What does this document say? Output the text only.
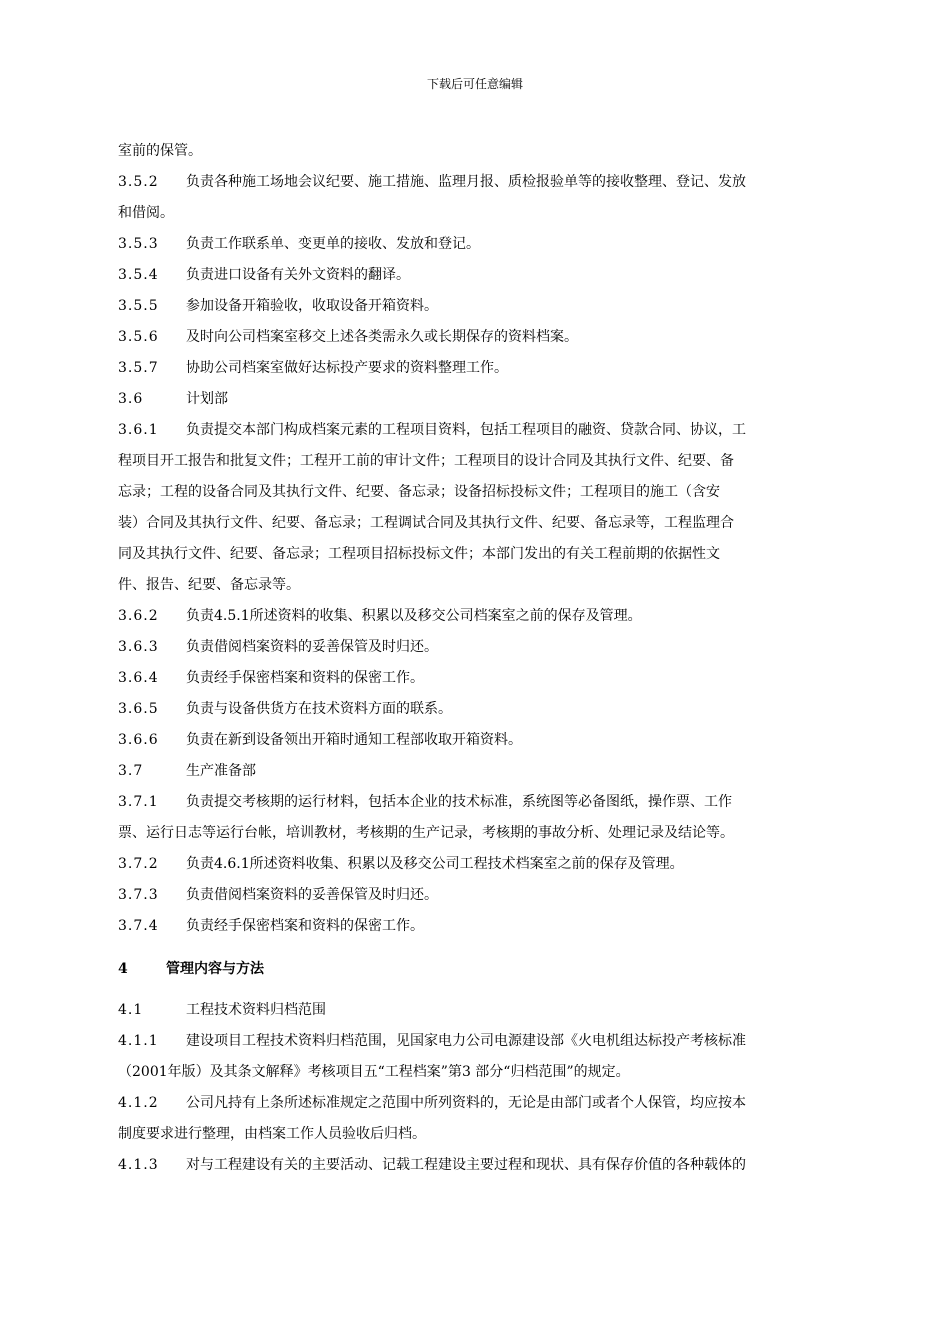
下载后可任意编辑

室前的保管。

3.5.2 负责各种施工场地会议纪要、施工措施、监理月报、质检报验单等的接收整理、登记、发放

和借阅。

3.5.3 负责工作联系单、变更单的接收、发放和登记。

3.5.4 负责进口设备有关外文资料的翻译。

3.5.5 参加设备开箱验收，收取设备开箱资料。

3.5.6 及时向公司档案室移交上述各类需永久或长期保存的资料档案。

3.5.7 协助公司档案室做好达标投产要求的资料整理工作。

3.6	计划部

3.6.1 负责提交本部门构成档案元素的工程项目资料，包括工程项目的融资、贷款合同、协议，工

程项目开工报告和批复文件；工程开工前的审计文件；工程项目的设计合同及其执行文件、纪要、备

忘录；工程的设备合同及其执行文件、纪要、备忘录；设备招标投标文件；工程项目的施工（含安

装）合同及其执行文件、纪要、备忘录；工程调试合同及其执行文件、纪要、备忘录等，工程监理合

同及其执行文件、纪要、备忘录；工程项目招标投标文件；本部门发出的有关工程前期的依据性文

件、报告、纪要、备忘录等。

3.6.2 负责4.5.1所述资料的收集、积累以及移交公司档案室之前的保存及管理。

3.6.3 负责借阅档案资料的妥善保管及时归还。

3.6.4 负责经手保密档案和资料的保密工作。

3.6.5 负责与设备供货方在技术资料方面的联系。

3.6.6 负责在新到设备领出开箱时通知工程部收取开箱资料。

3.7	生产准备部

3.7.1 负责提交考核期的运行材料，包括本企业的技术标准，系统图等必备图纸，操作票、工作

票、运行日志等运行台帐，培训教材，考核期的生产记录，考核期的事故分析、处理记录及结论等。

3.7.2 负责4.6.1所述资料收集、积累以及移交公司工程技术档案室之前的保存及管理。

3.7.3 负责借阅档案资料的妥善保管及时归还。

3.7.4 负责经手保密档案和资料的保密工作。

4	管理内容与方法

4.1	工程技术资料归档范围

4.1.1 建设项目工程技术资料归档范围，见国家电力公司电源建设部《火电机组达标投产考核标准

（2001年版）及其条文解释》考核项目五“工程档案”第3 部分“归档范围”的规定。

4.1.2 公司凡持有上条所述标准规定之范围中所列资料的，无论是由部门或者个人保管，均应按本

制度要求进行整理，由档案工作人员验收后归档。

4.1.3 对与工程建设有关的主要活动、记载工程建设主要过程和现状、具有保存价值的各种载体的
